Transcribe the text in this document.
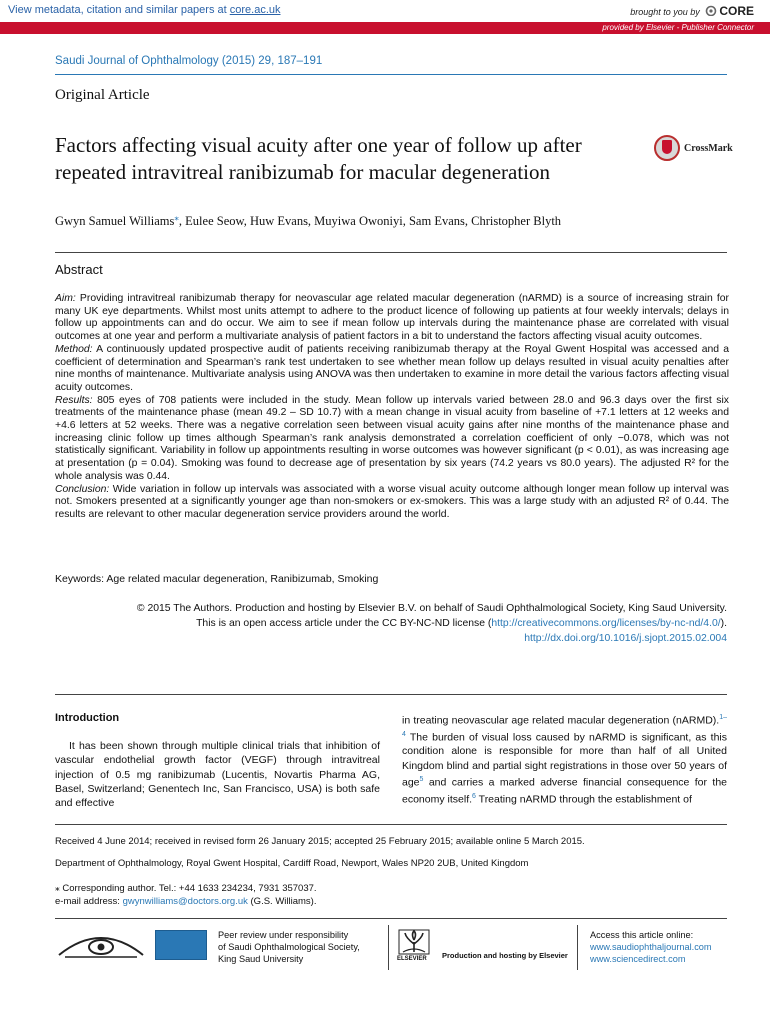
View metadata, citation and similar papers at core.ac.uk	brought to you by CORE
provided by Elsevier - Publisher Connector
Saudi Journal of Ophthalmology (2015) 29, 187–191
Original Article
Factors affecting visual acuity after one year of follow up after repeated intravitreal ranibizumab for macular degeneration
CrossMark
Gwyn Samuel Williams⁎, Eulee Seow, Huw Evans, Muyiwa Owoniyi, Sam Evans, Christopher Blyth
Abstract

Aim: Providing intravitreal ranibizumab therapy for neovascular age related macular degeneration (nARMD) is a source of increasing strain for many UK eye departments. Whilst most units attempt to adhere to the product licence of following up patients at four weekly intervals; delays in follow up appointments can and do occur. We aim to see if mean follow up intervals during the maintenance phase are correlated with visual outcomes at one year and perform a multivariate analysis of patient factors in a bit to understand the factors affecting visual acuity outcomes.

Method: A continuously updated prospective audit of patients receiving ranibizumab therapy at the Royal Gwent Hospital was accessed and a coefficient of determination and Spearman’s rank test undertaken to see whether mean follow up delays resulted in visual acuity penalties after nine months of maintenance. Multivariate analysis using ANOVA was then undertaken to examine in more detail the various factors affecting visual acuity outcomes.

Results: 805 eyes of 708 patients were included in the study. Mean follow up intervals varied between 28.0 and 96.3 days over the first six treatments of the maintenance phase (mean 49.2 – SD 10.7) with a mean change in visual acuity from baseline of +7.1 letters at 12 weeks and +4.6 letters at 52 weeks. There was a negative correlation seen between visual acuity gains after nine months of the maintenance phase and increasing clinic follow up times although Spearman’s rank analysis demonstrated a correlation coefficient of only −0.078, which was not statistically significant. Variability in follow up appointments resulting in worse outcomes was however significant (p < 0.01), as was increasing age at presentation (p = 0.04). Smoking was found to decrease age of presentation by six years (74.2 years vs 80.0 years). The adjusted R² for the whole analysis was 0.44.

Conclusion: Wide variation in follow up intervals was associated with a worse visual acuity outcome although longer mean follow up interval was not. Smokers presented at a significantly younger age than non-smokers or ex-smokers. This was a large study with an adjusted R² of 0.44. The results are relevant to other macular degeneration service providers around the world.

Keywords: Age related macular degeneration, Ranibizumab, Smoking
© 2015 The Authors. Production and hosting by Elsevier B.V. on behalf of Saudi Ophthalmological Society, King Saud University.
This is an open access article under the CC BY-NC-ND license (http://creativecommons.org/licenses/by-nc-nd/4.0/).
http://dx.doi.org/10.1016/j.sjopt.2015.02.004
Introduction

It has been shown through multiple clinical trials that inhibition of vascular endothelial growth factor (VEGF) through intravitreal injection of 0.5 mg ranibizumab (Lucentis, Novartis Pharma AG, Basel, Switzerland; Genentech Inc, San Francisco, USA) is both safe and effective

in treating neovascular age related macular degeneration (nARMD).$^{1-4}$ The burden of visual loss caused by nARMD is significant, as this condition alone is responsible for more than half of all United Kingdom blind and partial sight registrations in those over 50 years of age$^5$ and carries a marked adverse financial consequence for the economy itself.$^6$ Treating nARMD through the establishment of
Received 4 June 2014; received in revised form 26 January 2015; accepted 25 February 2015; available online 5 March 2015.
Department of Ophthalmology, Royal Gwent Hospital, Cardiff Road, Newport, Wales NP20 2UB, United Kingdom
⁎ Corresponding author. Tel.: +44 1633 234234, 7931 357037.
e-mail address: gwynwilliams@doctors.org.uk (G.S. Williams).

Peer review under responsibility
of Saudi Ophthalmological Society,
King Saud University	ELSEVIER Production and hosting by Elsevier
Access this article online:
www.saudiophthaljournal.com
www.sciencedirect.com
